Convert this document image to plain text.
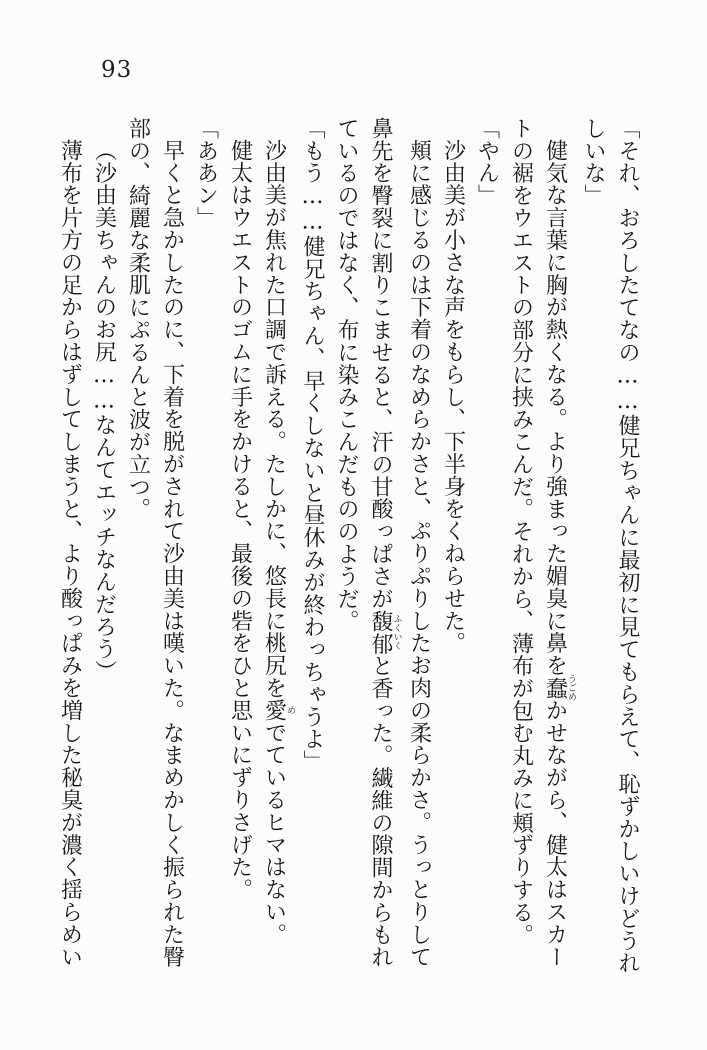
93

「それ、おろしたてなの……健兄ちゃんに最初に見てもらえて、恥ずかしいけどうれ

しいな」

健気な言葉に胸が熱くなる。より強まった媚臭に鼻を蠢うごめかせながら、健太はスカー

トの裾をウエストの部分に挟みこんだ。それから、薄布が包む丸みに頬ずりする。

「やん」

沙由美が小さな声をもらし、下半身をくねらせた。

頬に感じるのは下着のなめらかさと、ぷりぷりしたお肉の柔らかさ。うっとりして

鼻先を臀裂に割りこませると、汗の甘酸っぱさが馥郁ふくいくと香った。繊維の隙間からもれ

ているのではなく、布に染みこんだもののようだ。

「もう……健兄ちゃん、早くしないと昼休みが終わっちゃうよ」

沙由美が焦れた口調で訴える。たしかに、悠長に桃尻を愛めでているヒマはない。

健太はウエストのゴムに手をかけると、最後の砦をひと思いにずりさげた。

「ああン」

早くと急かしたのに、下着を脱がされて沙由美は嘆いた。なまめかしく振られた臀

部の、綺麗な柔肌にぷるんと波が立つ。

（沙由美ちゃんのお尻……なんてエッチなんだろう）

薄布を片方の足からはずしてしまうと、より酸っぱみを増した秘臭が濃く揺らめい
